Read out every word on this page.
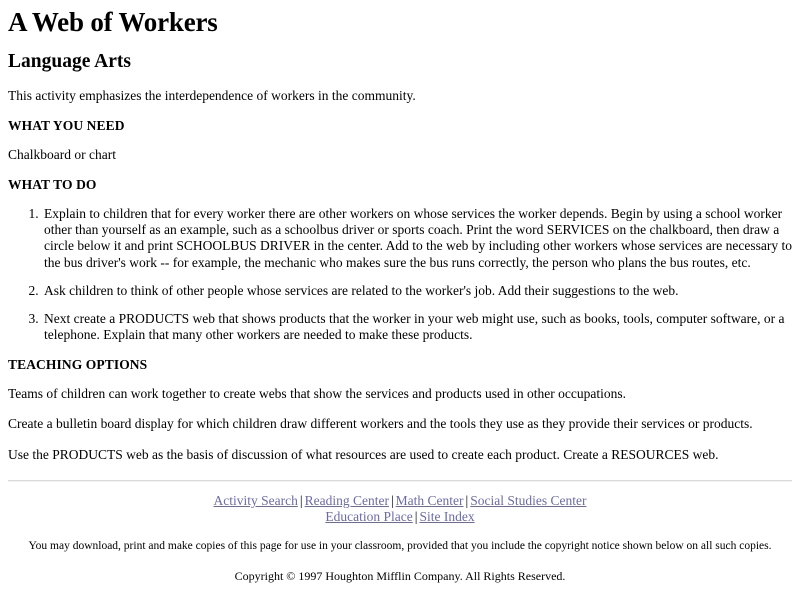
A Web of Workers
Language Arts

This activity emphasizes the interdependence of workers in the community.

WHAT YOU NEED

Chalkboard or chart

WHAT TO DO

1. Explain to children that for every worker there are other workers on whose services the worker depends. Begin by using a school worker other than yourself as an example, such as a schoolbus driver or sports coach. Print the word SERVICES on the chalkboard, then draw a circle below it and print SCHOOLBUS DRIVER in the center. Add to the web by including other workers whose services are necessary to the bus driver's work -- for example, the mechanic who makes sure the bus runs correctly, the person who plans the bus routes, etc.
2. Ask children to think of other people whose services are related to the worker's job. Add their suggestions to the web.
3. Next create a PRODUCTS web that shows products that the worker in your web might use, such as books, tools, computer software, or a telephone. Explain that many other workers are needed to make these products.

TEACHING OPTIONS

Teams of children can work together to create webs that show the services and products used in other occupations.

Create a bulletin board display for which children draw different workers and the tools they use as they provide their services or products.

Use the PRODUCTS web as the basis of discussion of what resources are used to create each product. Create a RESOURCES web.

Activity Search | Reading Center | Math Center | Social Studies Center
Education Place | Site Index

You may download, print and make copies of this page for use in your classroom, provided that you include the copyright notice shown below on all such copies.

Copyright © 1997 Houghton Mifflin Company. All Rights Reserved.
